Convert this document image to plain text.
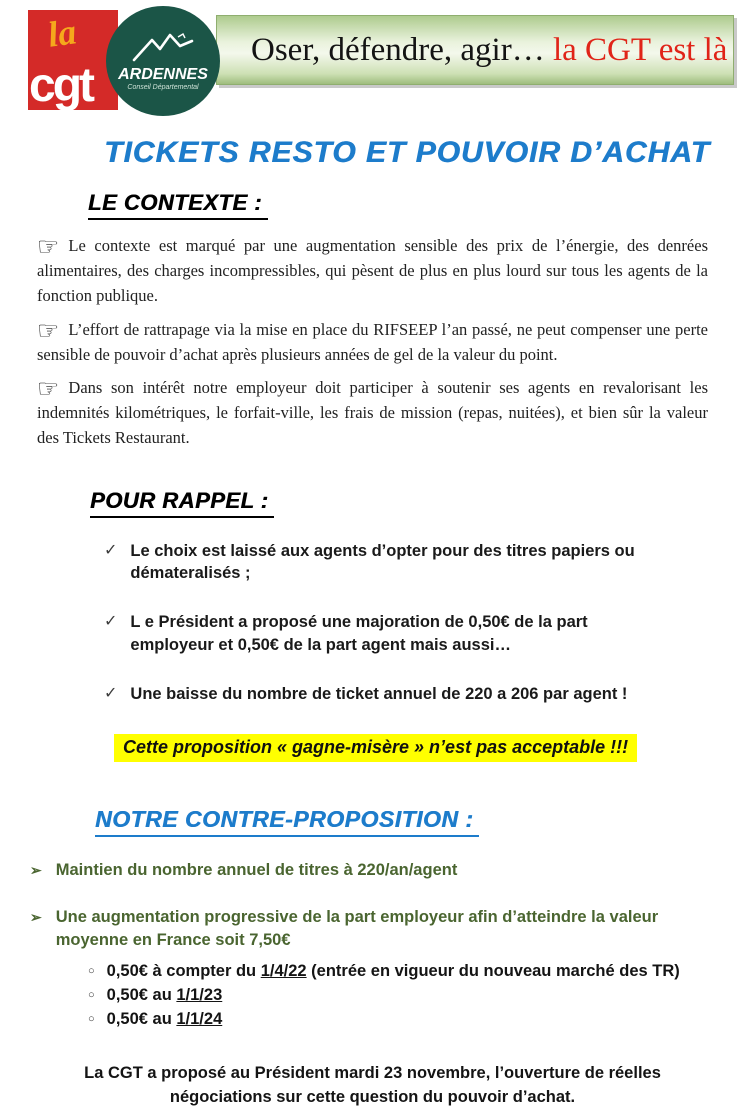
la
cgt ARDENNES
Conseil Départemental
Oser, défendre, agir… la CGT est là
TICKETS RESTO ET POUVOIR D’ACHAT
LE CONTEXTE :

☞ Le contexte est marqué par une augmentation sensible des prix de l’énergie, des denrées alimentaires, des charges incompressibles, qui pèsent de plus en plus lourd sur tous les agents de la fonction publique.

☞ L’effort de rattrapage via la mise en place du RIFSEEP l’an passé, ne peut compenser une perte sensible de pouvoir d’achat après plusieurs années de gel de la valeur du point.

☞ Dans son intérêt notre employeur doit participer à soutenir ses agents en revalorisant les indemnités kilométriques, le forfait-ville, les frais de mission (repas, nuitées), et bien sûr la valeur des Tickets Restaurant.

POUR RAPPEL :
✓ Le choix est laissé aux agents d’opter pour des titres papiers ou démateralisés ;
✓ L e Président a proposé une majoration de 0,50€ de la part employeur et 0,50€ de la part agent mais aussi…
✓ Une baisse du nombre de ticket annuel de 220 a 206 par agent !
Cette proposition « gagne-misère » n’est pas acceptable !!!
NOTRE CONTRE-PROPOSITION :
➢ Maintien du nombre annuel de titres à 220/an/agent
➢ Une augmentation progressive de la part employeur afin d’atteindre la valeur moyenne en France soit 7,50€
○ 0,50€ à compter du 1/4/22 (entrée en vigueur du nouveau marché des TR)
○ 0,50€ au 1/1/23
○ 0,50€ au 1/1/24
La CGT a proposé au Président mardi 23 novembre, l’ouverture de réelles négociations sur cette question du pouvoir d’achat.
